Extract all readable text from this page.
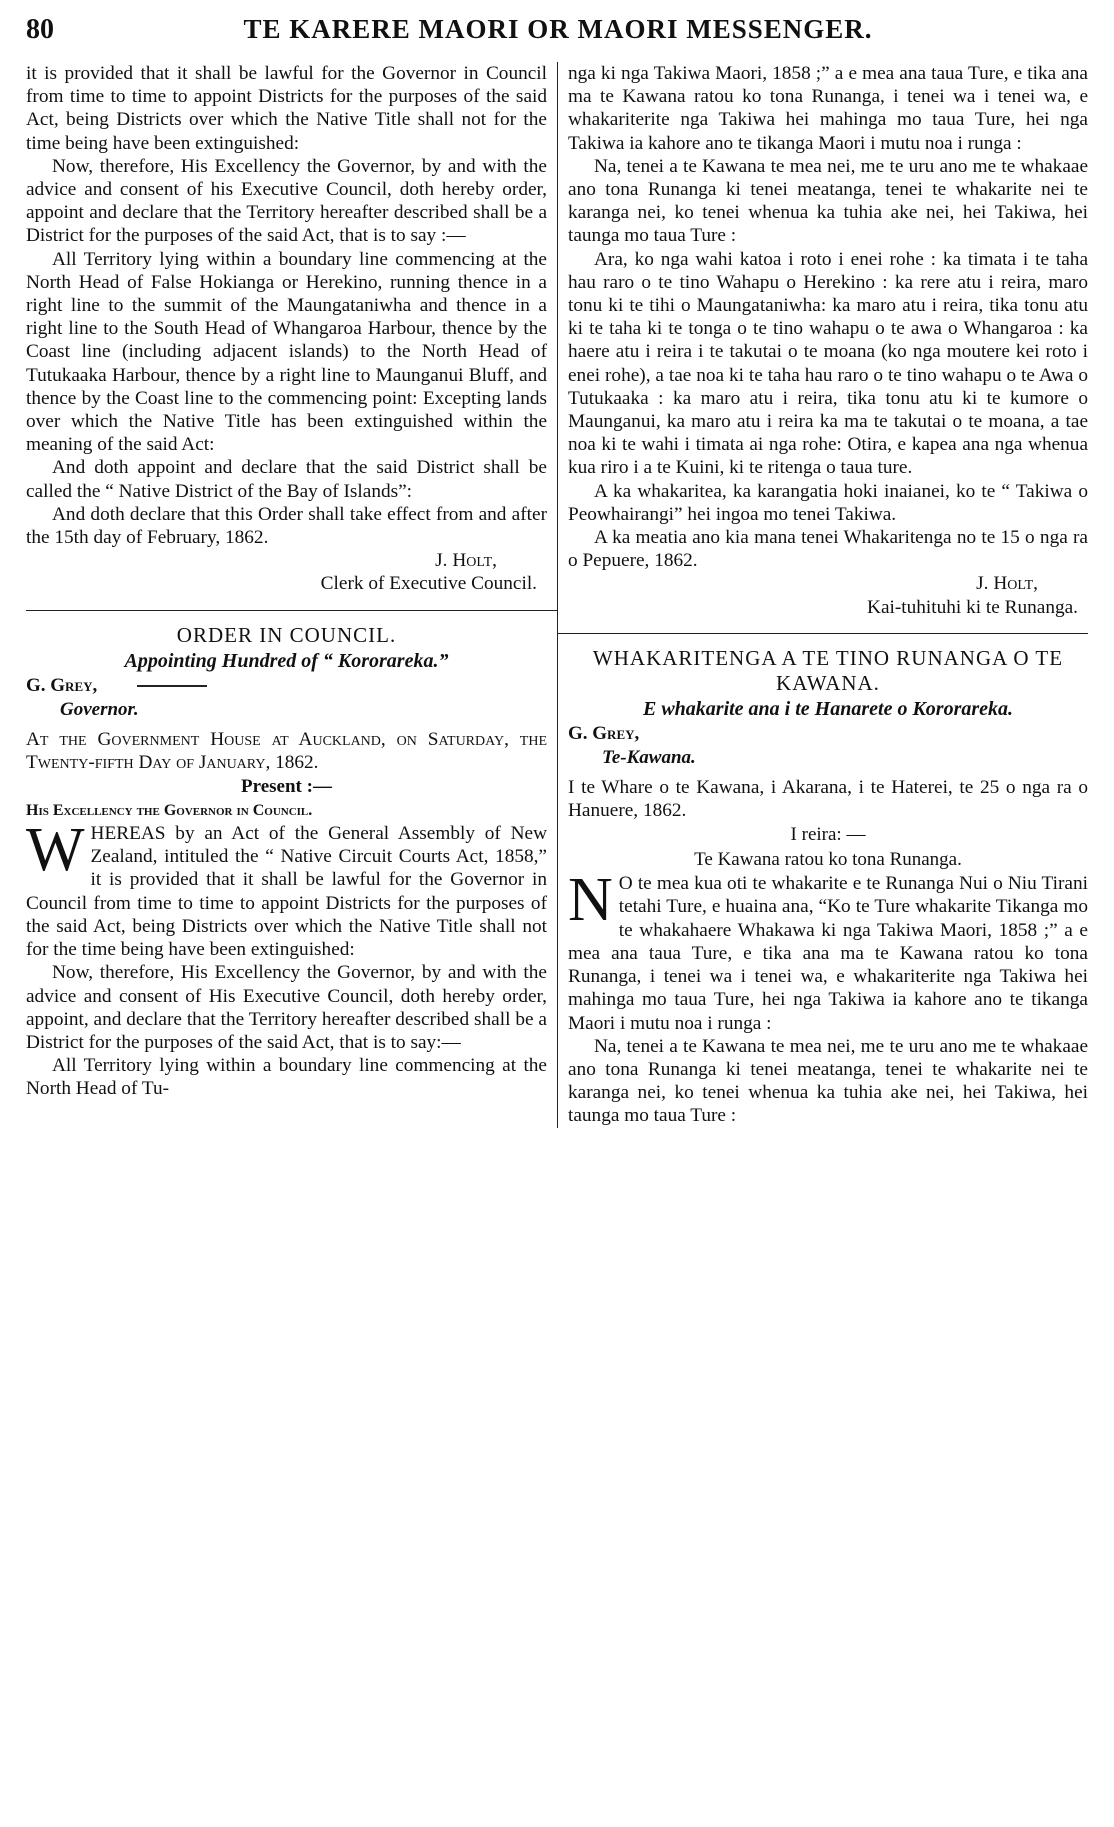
80	TE KARERE MAORI OR MAORI MESSENGER.

it is provided that it shall be lawful for the Governor in Council from time to time to appoint Districts for the purposes of the said Act, being Districts over which the Native Title shall not for the time being have been extinguished:

Now, therefore, His Excellency the Governor, by and with the advice and consent of his Executive Council, doth hereby order, appoint and declare that the Territory hereafter described shall be a District for the purposes of the said Act, that is to say :—

All Territory lying within a boundary line commencing at the North Head of False Hokianga or Herekino, running thence in a right line to the summit of the Maungataniwha and thence in a right line to the South Head of Whangaroa Harbour, thence by the Coast line (including adjacent islands) to the North Head of Tutukaaka Harbour, thence by a right line to Maunganui Bluff, and thence by the Coast line to the commencing point: Excepting lands over which the Native Title has been extinguished within the meaning of the said Act:

And doth appoint and declare that the said District shall be called the “ Native District of the Bay of Islands”:

And doth declare that this Order shall take effect from and after the 15th day of February, 1862.

J. Holt,
Clerk of Executive Council.
ORDER IN COUNCIL.
Appointing Hundred of “ Kororareka.”
G. Grey,
Governor.

At the Government House at Auckland, on Saturday, the Twenty-fifth Day of January, 1862.

Present :—
His Excellency the Governor in Council.
WHEREAS by an Act of the General Assembly of New Zealand, intituled the “ Native Circuit Courts Act, 1858,” it is provided that it shall be lawful for the Governor in Council from time to time to appoint Districts for the purposes of the said Act, being Districts over which the Native Title shall not for the time being have been extinguished:

Now, therefore, His Excellency the Governor, by and with the advice and consent of His Executive Council, doth hereby order, appoint, and declare that the Territory hereafter described shall be a District for the purposes of the said Act, that is to say:—

All Territory lying within a boundary line commencing at the North Head of Tu-

nga ki nga Takiwa Maori, 1858 ;” a e mea ana taua Ture, e tika ana ma te Kawana ratou ko tona Runanga, i tenei wa i tenei wa, e whakariterite nga Takiwa hei mahinga mo taua Ture, hei nga Takiwa ia kahore ano te tikanga Maori i mutu noa i runga :

Na, tenei a te Kawana te mea nei, me te uru ano me te whakaae ano tona Runanga ki tenei meatanga, tenei te whakarite nei te karanga nei, ko tenei whenua ka tuhia ake nei, hei Takiwa, hei taunga mo taua Ture :

Ara, ko nga wahi katoa i roto i enei rohe : ka timata i te taha hau raro o te tino Wahapu o Herekino : ka rere atu i reira, maro tonu ki te tihi o Maungataniwha: ka maro atu i reira, tika tonu atu ki te taha ki te tonga o te tino wahapu o te awa o Whangaroa : ka haere atu i reira i te takutai o te moana (ko nga moutere kei roto i enei rohe), a tae noa ki te taha hau raro o te tino wahapu o te Awa o Tutukaaka : ka maro atu i reira, tika tonu atu ki te kumore o Maunganui, ka maro atu i reira ka ma te takutai o te moana, a tae noa ki te wahi i timata ai nga rohe: Otira, e kapea ana nga whenua kua riro i a te Kuini, ki te ritenga o taua ture.

A ka whakaritea, ka karangatia hoki inaianei, ko te “ Takiwa o Peowhairangi” hei ingoa mo tenei Takiwa.

A ka meatia ano kia mana tenei Whakaritenga no te 15 o nga ra o Pepuere, 1862.

J. Holt,
Kai-tuhituhi ki te Runanga.
WHAKARITENGA A TE TINO RUNANGA O TE KAWANA.
E whakarite ana i te Hanarete o Kororareka.
G. Grey,
Te-Kawana.

I te Whare o te Kawana, i Akarana, i te Haterei, te 25 o nga ra o Hanuere, 1862.

I reira: —
Te Kawana ratou ko tona Runanga.
N O te mea kua oti te whakarite e te Runanga Nui o Niu Tirani tetahi Ture, e huaina ana, “Ko te Ture whakarite Tikanga mo te whakahaere Whakawa ki nga Takiwa Maori, 1858 ;” a e mea ana taua Ture, e tika ana ma te Kawana ratou ko tona Runanga, i tenei wa i tenei wa, e whakariterite nga Takiwa hei mahinga mo taua Ture, hei nga Takiwa ia kahore ano te tikanga Maori i mutu noa i runga :

Na, tenei a te Kawana te mea nei, me te uru ano me te whakaae ano tona Runanga ki tenei meatanga, tenei te whakarite nei te karanga nei, ko tenei whenua ka tuhia ake nei, hei Takiwa, hei taunga mo taua Ture :
